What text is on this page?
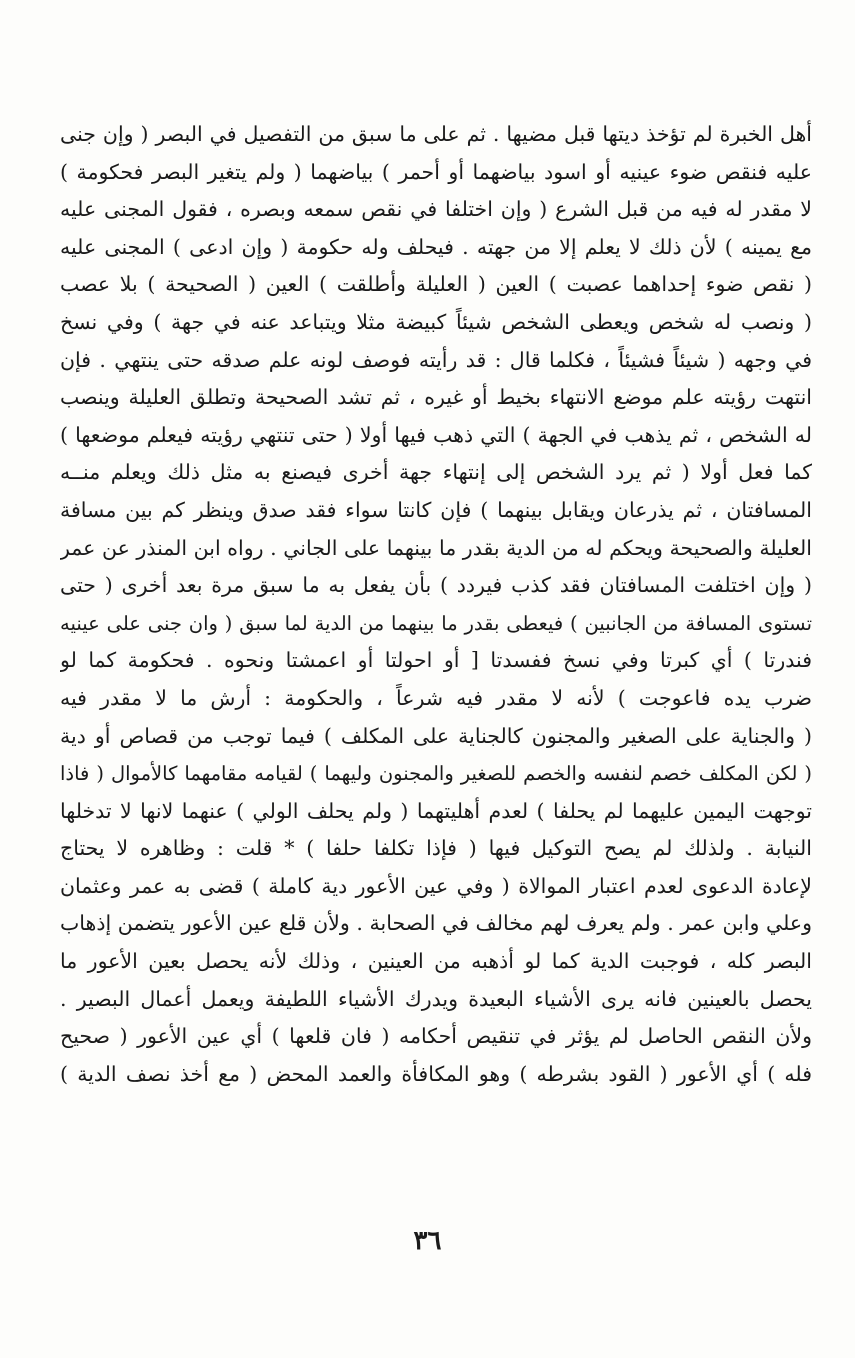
أهل الخبرة لم تؤخذ ديتها قبل مضيها . ثم على ما سبق من التفصيل في البصر ( وإن جنى
عليه فنقص ضوء عينيه أو اسود بياضهما أو أحمر ) بياضهما ( ولم يتغير البصر فحكومة )
لا مقدر له فيه من قبل الشرع ( وإن اختلفا في نقص سمعه وبصره ، فقول المجنى عليه
مع يمينه ) لأن ذلك لا يعلم إلا من جهته . فيحلف وله حكومة ( وإن ادعى ) المجنى عليه
( نقص ضوء إحداهما عصبت ) العين ( العليلة وأطلقت ) العين ( الصحيحة ) بلا عصب
( ونصب له شخص ويعطى الشخص شيئاً كبيضة مثلا ويتباعد عنه في جهة ) وفي نسخ
في وجهه ( شيئاً فشيئاً ، فكلما قال : قد رأيته فوصف لونه علم صدقه حتى ينتهي . فإن
انتهت رؤيته علم موضع الانتهاء بخيط أو غيره ، ثم تشد الصحيحة وتطلق العليلة وينصب
له الشخص ، ثم يذهب في الجهة ) التي ذهب فيها أولا ( حتى تنتهي رؤيته فيعلم موضعها )
كما فعل أولا ( ثم يرد الشخص إلى إنتهاء جهة أخرى فيصنع به مثل ذلك ويعلم منــه
المسافتان ، ثم يذرعان ويقابل بينهما ) فإن كانتا سواء فقد صدق وينظر كم بين مسافة
العليلة والصحيحة ويحكم له من الدية بقدر ما بينهما على الجاني . رواه ابن المنذر عن عمر
( وإن اختلفت المسافتان فقد كذب فيردد ) بأن يفعل به ما سبق مرة بعد أخرى ( حتى
تستوى المسافة من الجانبين ) فيعطى بقدر ما بينهما من الدية لما سبق ( وان جنى على عينيه
فندرتا ) أي كبرتا وفي نسخ ففسدتا [ أو احولتا أو اعمشتا ونحوه . فحكومة كما لو
ضرب يده فاعوجت ) لأنه لا مقدر فيه شرعاً ، والحكومة : أرش ما لا مقدر فيه
( والجناية على الصغير والمجنون كالجناية على المكلف ) فيما توجب من قصاص أو دية
( لكن المكلف خصم لنفسه والخصم للصغير والمجنون وليهما ) لقيامه مقامهما كالأموال ( فاذا
توجهت اليمين عليهما لم يحلفا ) لعدم أهليتهما ( ولم يحلف الولي ) عنهما لانها لا تدخلها
النيابة . ولذلك لم يصح التوكيل فيها ( فإذا تكلفا حلفا ) * قلت : وظاهره لا يحتاج
لإعادة الدعوى لعدم اعتبار الموالاة ( وفي عين الأعور دية كاملة ) قضى به عمر وعثمان
وعلي وابن عمر . ولم يعرف لهم مخالف في الصحابة . ولأن قلع عين الأعور يتضمن إذهاب
البصر كله ، فوجبت الدية كما لو أذهبه من العينين ، وذلك لأنه يحصل بعين الأعور ما
يحصل بالعينين فانه يرى الأشياء البعيدة ويدرك الأشياء اللطيفة ويعمل أعمال البصير .
ولأن النقص الحاصل لم يؤثر في تنقيص أحكامه ( فان قلعها ) أي عين الأعور ( صحيح
فله ) أي الأعور ( القود بشرطه ) وهو المكافأة والعمد المحض ( مع أخذ نصف الدية )
٣٦
